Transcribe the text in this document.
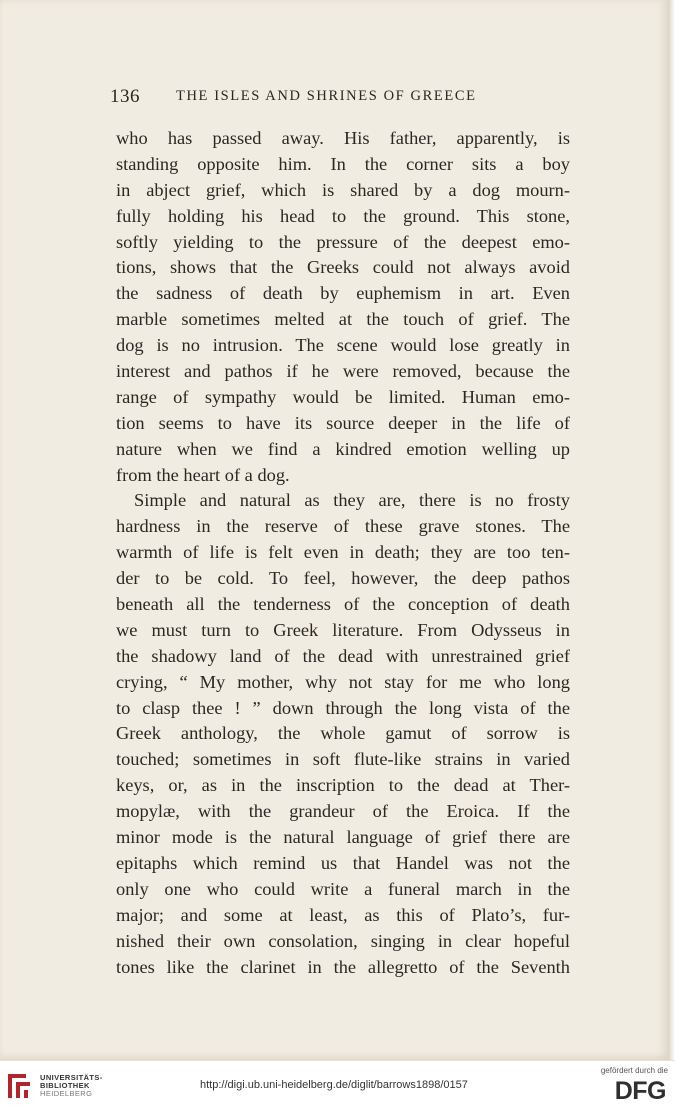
136 THE ISLES AND SHRINES OF GREECE
who has passed away. His father, apparently, is
standing opposite him. In the corner sits a boy
in abject grief, which is shared by a dog mourn-
fully holding his head to the ground. This stone,
softly yielding to the pressure of the deepest emo-
tions, shows that the Greeks could not always avoid
the sadness of death by euphemism in art. Even
marble sometimes melted at the touch of grief. The
dog is no intrusion. The scene would lose greatly in
interest and pathos if he were removed, because the
range of sympathy would be limited. Human emo-
tion seems to have its source deeper in the life of
nature when we find a kindred emotion welling up
from the heart of a dog.
Simple and natural as they are, there is no frosty
hardness in the reserve of these grave stones. The
warmth of life is felt even in death; they are too ten-
der to be cold. To feel, however, the deep pathos
beneath all the tenderness of the conception of death
we must turn to Greek literature. From Odysseus in
the shadowy land of the dead with unrestrained grief
crying, “ My mother, why not stay for me who long
to clasp thee ! ” down through the long vista of the
Greek anthology, the whole gamut of sorrow is
touched; sometimes in soft flute-like strains in varied
keys, or, as in the inscription to the dead at Ther-
mopylæ, with the grandeur of the Eroica. If the
minor mode is the natural language of grief there are
epitaphs which remind us that Handel was not the
only one who could write a funeral march in the
major; and some at least, as this of Plato’s, fur-
nished their own consolation, singing in clear hopeful
tones like the clarinet in the allegretto of the Seventh
UNIVERSITÄTS-
BIBLIOTHEK
HEIDELBERG
http://digi.ub.uni-heidelberg.de/diglit/barrows1898/0157
gefördert durch die
DFG
